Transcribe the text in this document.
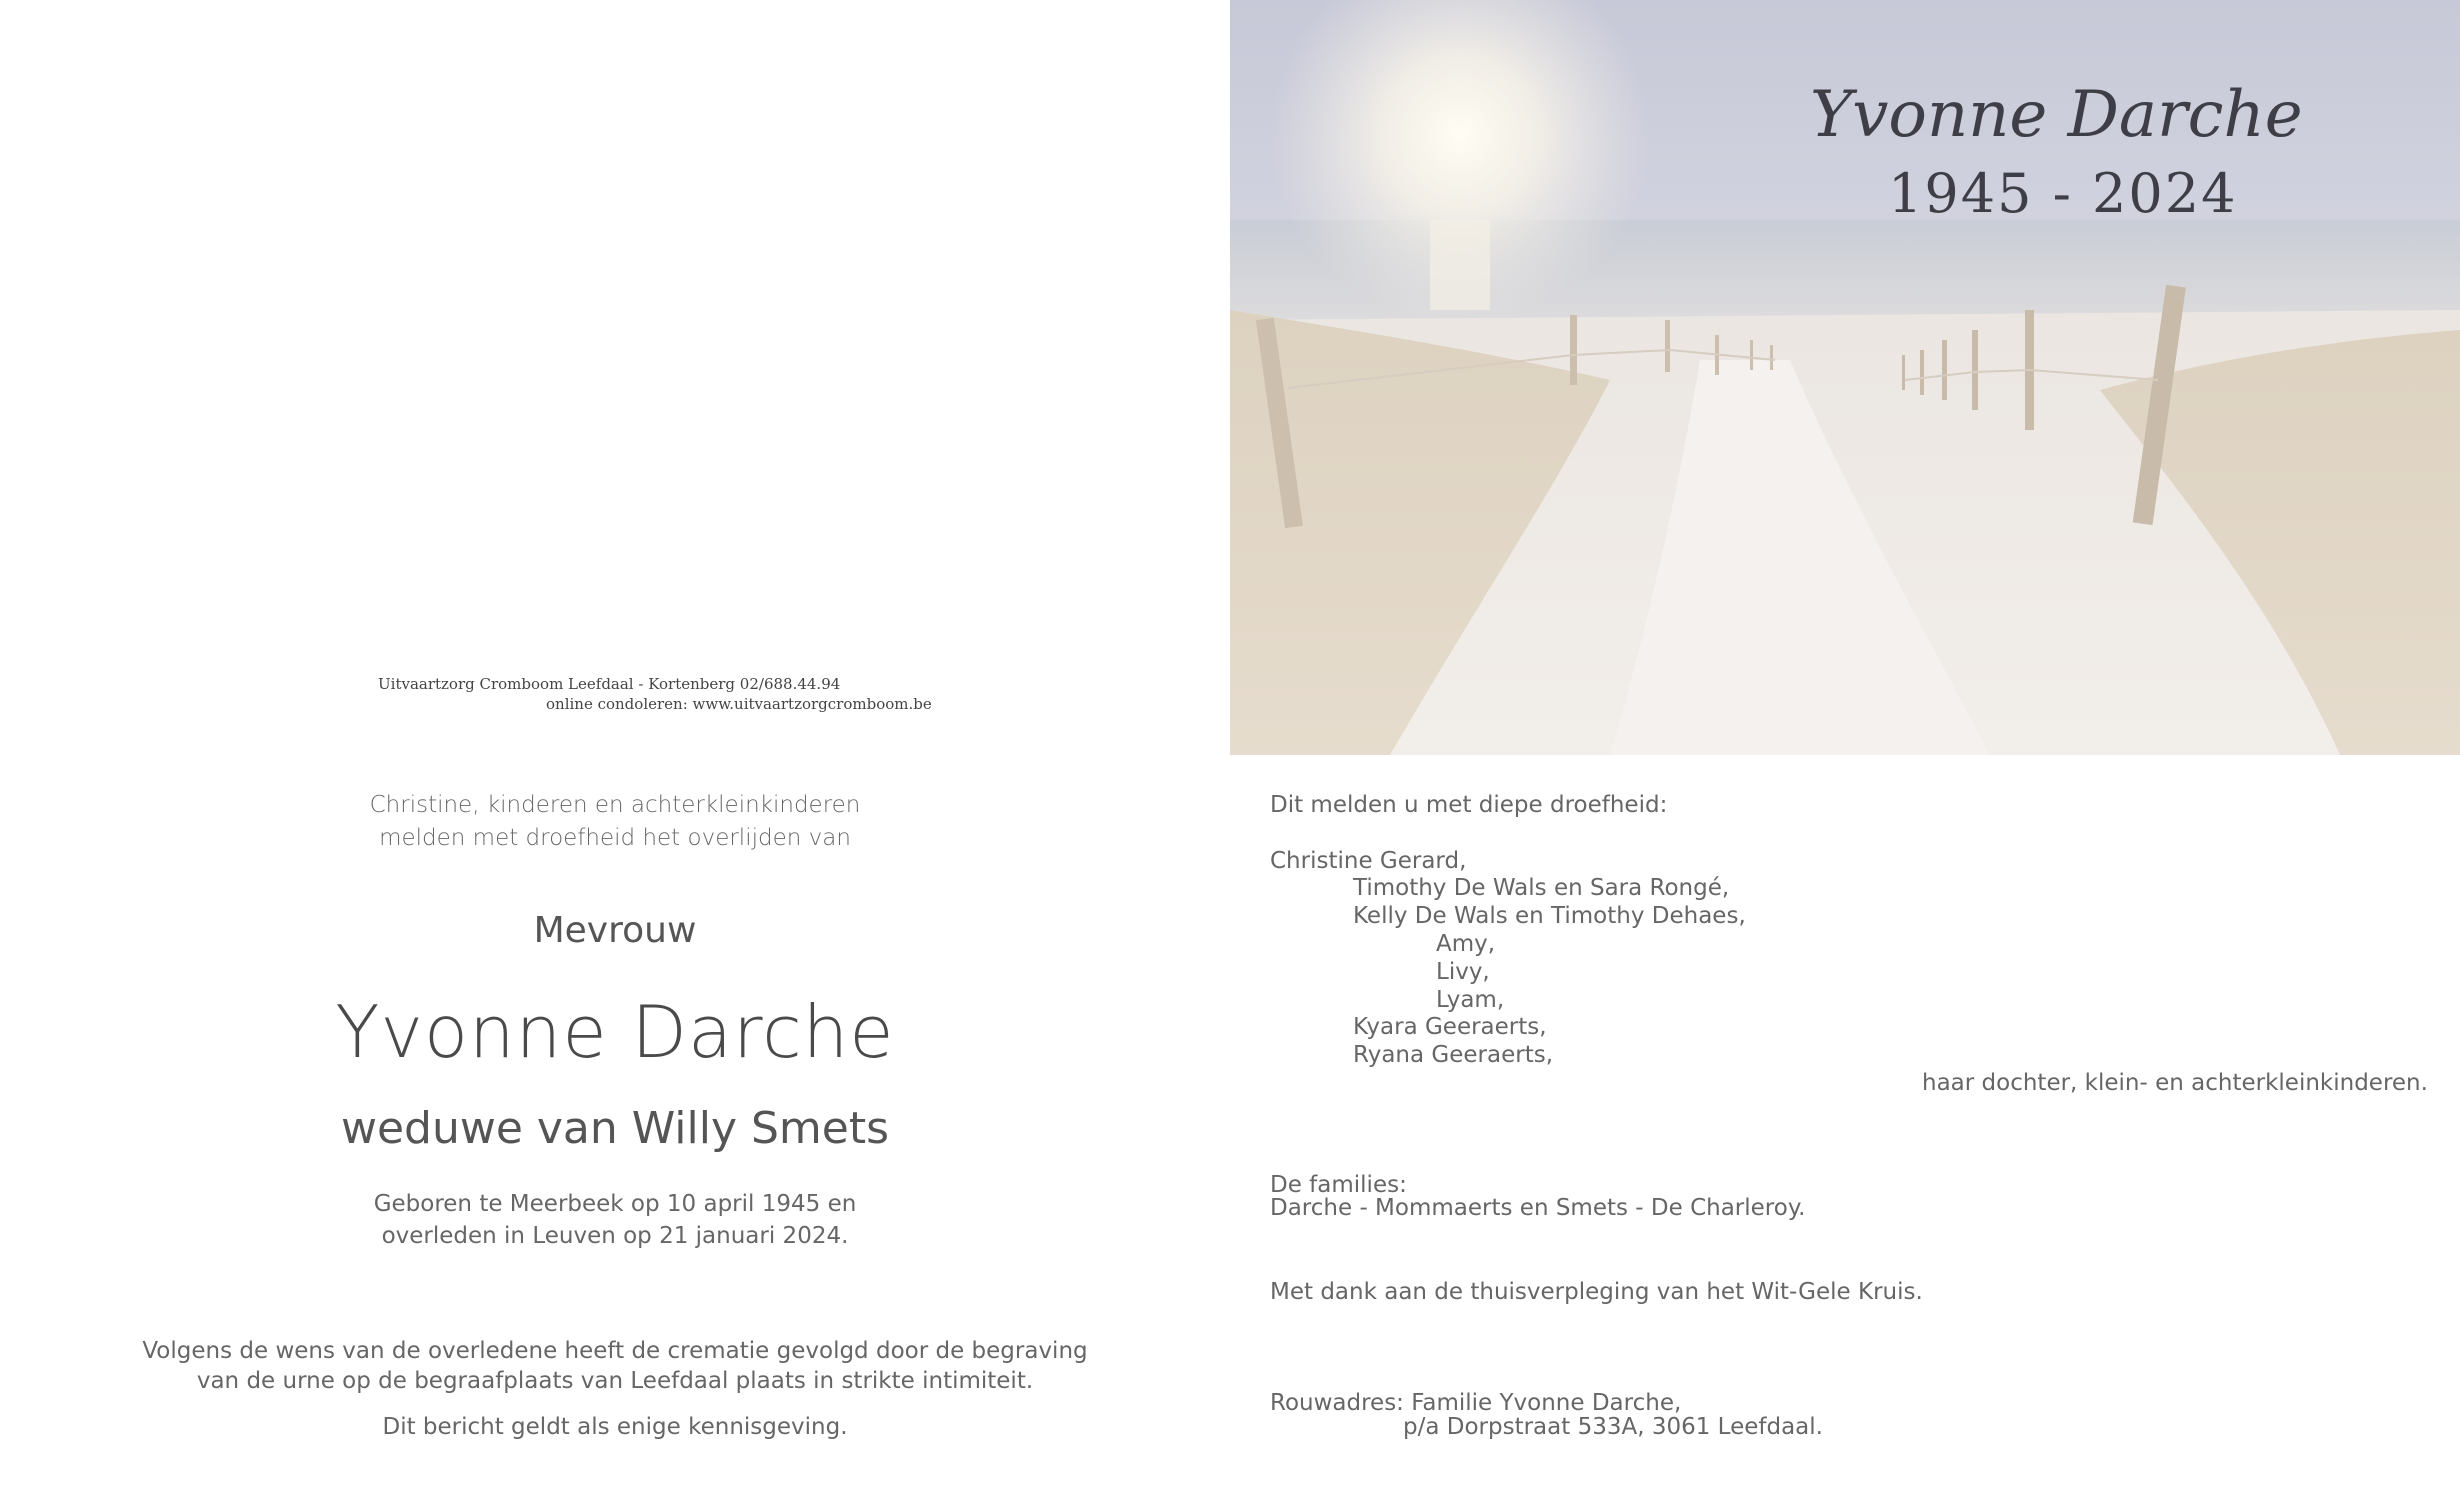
Uitvaartzorg Cromboom Leefdaal - Kortenberg 02/688.44.94
online condoleren: www.uitvaartzorgcromboom.be
Christine, kinderen en achterkleinkinderen
melden met droefheid het overlijden van
Mevrouw
Yvonne Darche
weduwe van Willy Smets
Geboren te Meerbeek op 10 april 1945 en
overleden in Leuven op 21 januari 2024.
Volgens de wens van de overledene heeft de crematie gevolgd door de begraving
van de urne op de begraafplaats van Leefdaal plaats in strikte intimiteit.
Dit bericht geldt als enige kennisgeving.
Yvonne Darche
1945 - 2024
Dit melden u met diepe droefheid:
Christine Gerard,
Timothy De Wals en Sara Rongé,
Kelly De Wals en Timothy Dehaes,
Amy,
Livy,
Lyam,
Kyara Geeraerts,
Ryana Geeraerts,
haar dochter, klein- en achterkleinkinderen.
De families:
Darche - Mommaerts en Smets - De Charleroy.
Met dank aan de thuisverpleging van het Wit-Gele Kruis.
Rouwadres: Familie Yvonne Darche,
p/a Dorpstraat 533A, 3061 Leefdaal.
